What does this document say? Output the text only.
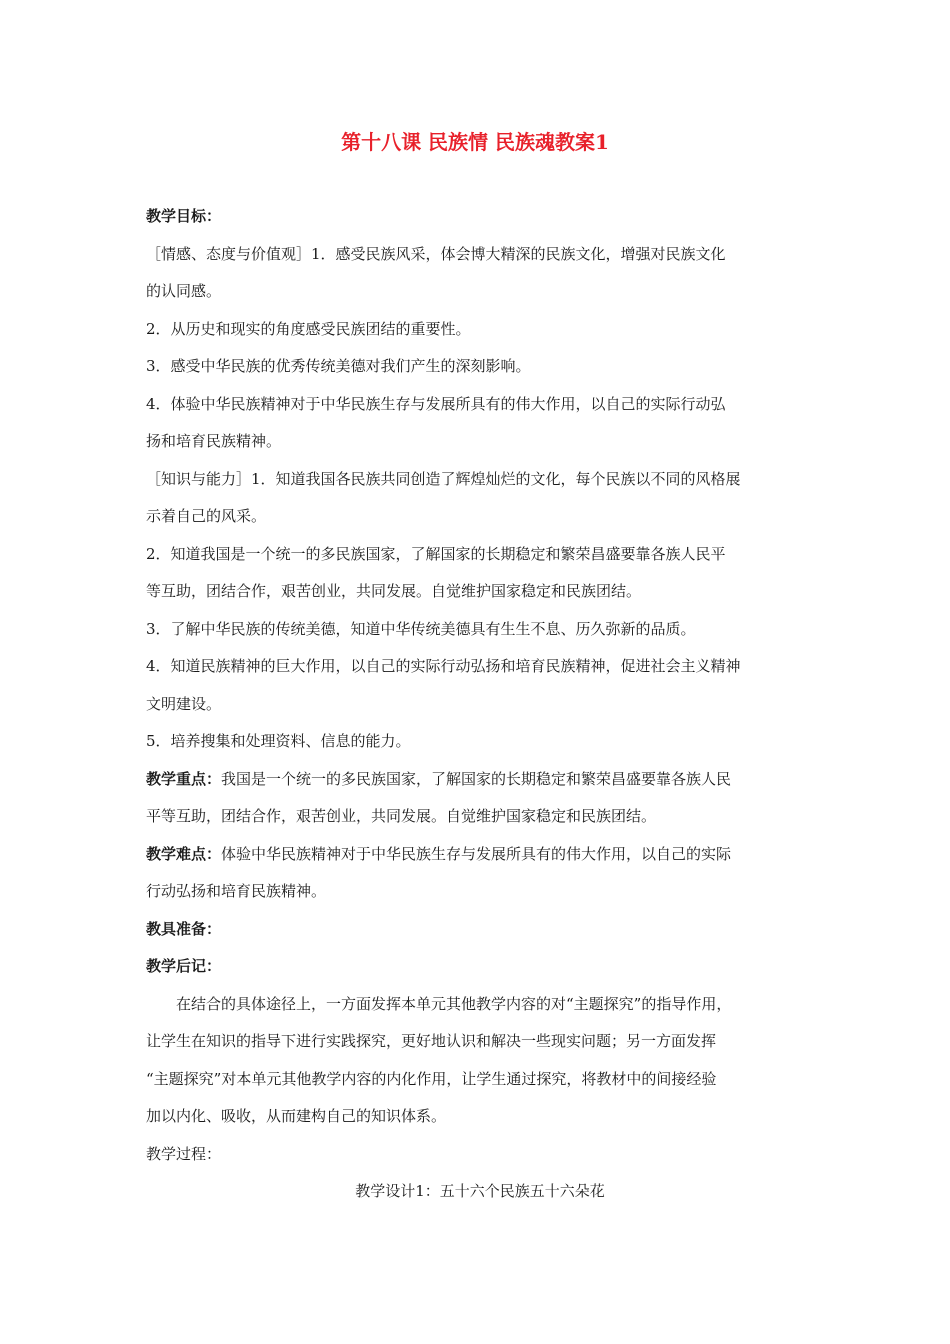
第十八课 民族情 民族魂教案1
教学目标：
［情感、态度与价值观］1．感受民族风采，体会博大精深的民族文化，增强对民族文化
的认同感。
2．从历史和现实的角度感受民族团结的重要性。
3．感受中华民族的优秀传统美德对我们产生的深刻影响。
4．体验中华民族精神对于中华民族生存与发展所具有的伟大作用，以自己的实际行动弘
扬和培育民族精神。
［知识与能力］1．知道我国各民族共同创造了辉煌灿烂的文化，每个民族以不同的风格展
示着自己的风采。
2．知道我国是一个统一的多民族国家，了解国家的长期稳定和繁荣昌盛要靠各族人民平
等互助，团结合作，艰苦创业，共同发展。自觉维护国家稳定和民族团结。
3．了解中华民族的传统美德，知道中华传统美德具有生生不息、历久弥新的品质。
4．知道民族精神的巨大作用，以自己的实际行动弘扬和培育民族精神，促进社会主义精神
文明建设。
5．培养搜集和处理资料、信息的能力。
教学重点：我国是一个统一的多民族国家，了解国家的长期稳定和繁荣昌盛要靠各族人民
平等互助，团结合作，艰苦创业，共同发展。自觉维护国家稳定和民族团结。
教学难点：体验中华民族精神对于中华民族生存与发展所具有的伟大作用，以自己的实际
行动弘扬和培育民族精神。
教具准备：
教学后记：
在结合的具体途径上，一方面发挥本单元其他教学内容的对“主题探究”的指导作用，
让学生在知识的指导下进行实践探究，更好地认识和解决一些现实问题；另一方面发挥
“主题探究”对本单元其他教学内容的内化作用，让学生通过探究，将教材中的间接经验
加以内化、吸收，从而建构自己的知识体系。
教学过程：
教学设计1：五十六个民族五十六朵花
